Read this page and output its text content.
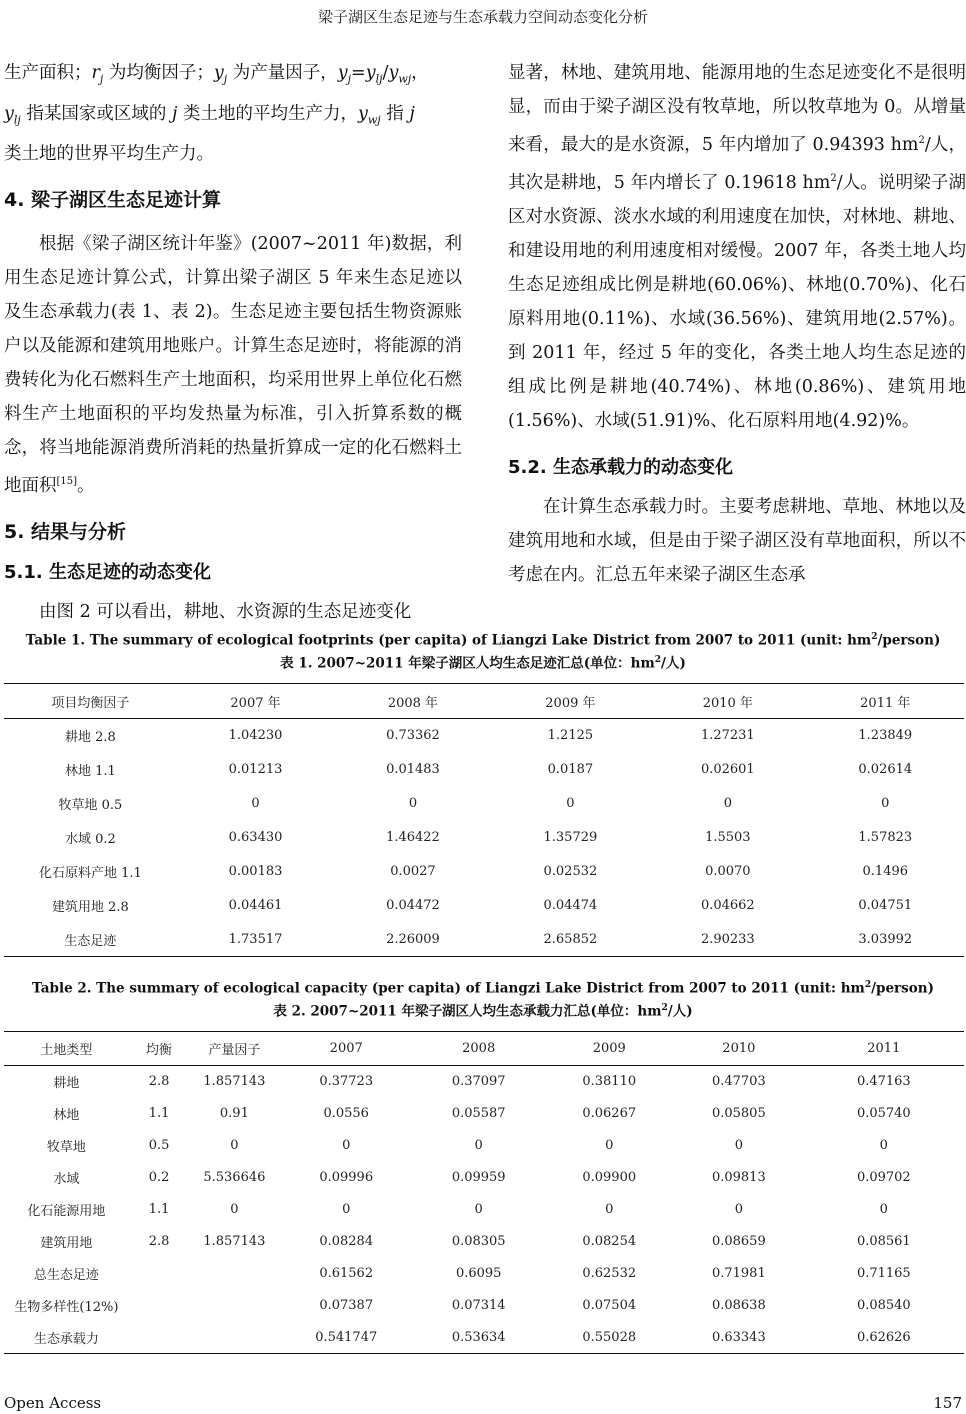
梁子湖区生态足迹与生态承载力空间动态变化分析

生产面积；$r_j$ 为均衡因子；$y_j$ 为产量因子，$y_j=y_{lj}/y_{wj}$，

$y_{lj}$ 指某国家或区域的 j 类土地的平均生产力，$y_{wj}$ 指 j

类土地的世界平均生产力。

4. 梁子湖区生态足迹计算

根据《梁子湖区统计年鉴》(2007~2011 年)数据，利用生态足迹计算公式，计算出梁子湖区 5 年来生态足迹以及生态承载力(表 1、表 2)。生态足迹主要包括生物资源账户以及能源和建筑用地账户。计算生态足迹时，将能源的消费转化为化石燃料生产土地面积，均采用世界上单位化石燃料生产土地面积的平均发热量为标准，引入折算系数的概念，将当地能源消费所消耗的热量折算成一定的化石燃料土地面积[15]。

5. 结果与分析

5.1. 生态足迹的动态变化

由图 2 可以看出，耕地、水资源的生态足迹变化

显著，林地、建筑用地、能源用地的生态足迹变化不是很明显，而由于梁子湖区没有牧草地，所以牧草地为 0。从增量来看，最大的是水资源，5 年内增加了 0.94393 $hm^2/$人，其次是耕地，5 年内增长了 0.19618 $hm^2/$人。说明梁子湖区对水资源、淡水水域的利用速度在加快，对林地、耕地、和建设用地的利用速度相对缓慢。2007 年，各类土地人均生态足迹组成比例是耕地(60.06%)、林地(0.70%)、化石原料用地(0.11%)、水域(36.56%)、建筑用地(2.57%)。到 2011 年，经过 5 年的变化，各类土地人均生态足迹的组成比例是耕地(40.74%)、林地(0.86%)、建筑用地(1.56%)、水域(51.91)%、化石原料用地(4.92)%。

5.2. 生态承载力的动态变化

在计算生态承载力时。主要考虑耕地、草地、林地以及建筑用地和水域，但是由于梁子湖区没有草地面积，所以不考虑在内。汇总五年来梁子湖区生态承

Table 1. The summary of ecological footprints (per capita) of Liangzi Lake District from 2007 to 2011 (unit: $hm^2/person$)
表 1. 2007~2011 年梁子湖区人均生态足迹汇总(单位：$hm^2/$人)
项目均衡因子	2007 年	2008 年	2009 年	2010 年	2011 年
耕地 2.8	1.04230	0.73362	1.2125	1.27231	1.23849
林地 1.1	0.01213	0.01483	0.0187	0.02601	0.02614
牧草地 0.5	0	0	0	0	0
水域 0.2	0.63430	1.46422	1.35729	1.5503	1.57823
化石原料产地 1.1	0.00183	0.0027	0.02532	0.0070	0.1496
建筑用地 2.8	0.04461	0.04472	0.04474	0.04662	0.04751
生态足迹	1.73517	2.26009	2.65852	2.90233	3.03992
Table 2. The summary of ecological capacity (per capita) of Liangzi Lake District from 2007 to 2011 (unit: $hm^2/person$)
表 2. 2007~2011 年梁子湖区人均生态承载力汇总(单位：$hm^2/$人)
土地类型	均衡	产量因子	2007	2008	2009	2010	2011
耕地	2.8	1.857143	0.37723	0.37097	0.38110	0.47703	0.47163
林地	1.1	0.91	0.0556	0.05587	0.06267	0.05805	0.05740
牧草地	0.5	0	0	0	0	0	0
水域	0.2	5.536646	0.09996	0.09959	0.09900	0.09813	0.09702
化石能源用地	1.1	0	0	0	0	0	0
建筑用地	2.8	1.857143	0.08284	0.08305	0.08254	0.08659	0.08561
总生态足迹			0.61562	0.6095	0.62532	0.71981	0.71165
生物多样性(12%)			0.07387	0.07314	0.07504	0.08638	0.08540
生态承载力			0.541747	0.53634	0.55028	0.63343	0.62626
Open Access	157
